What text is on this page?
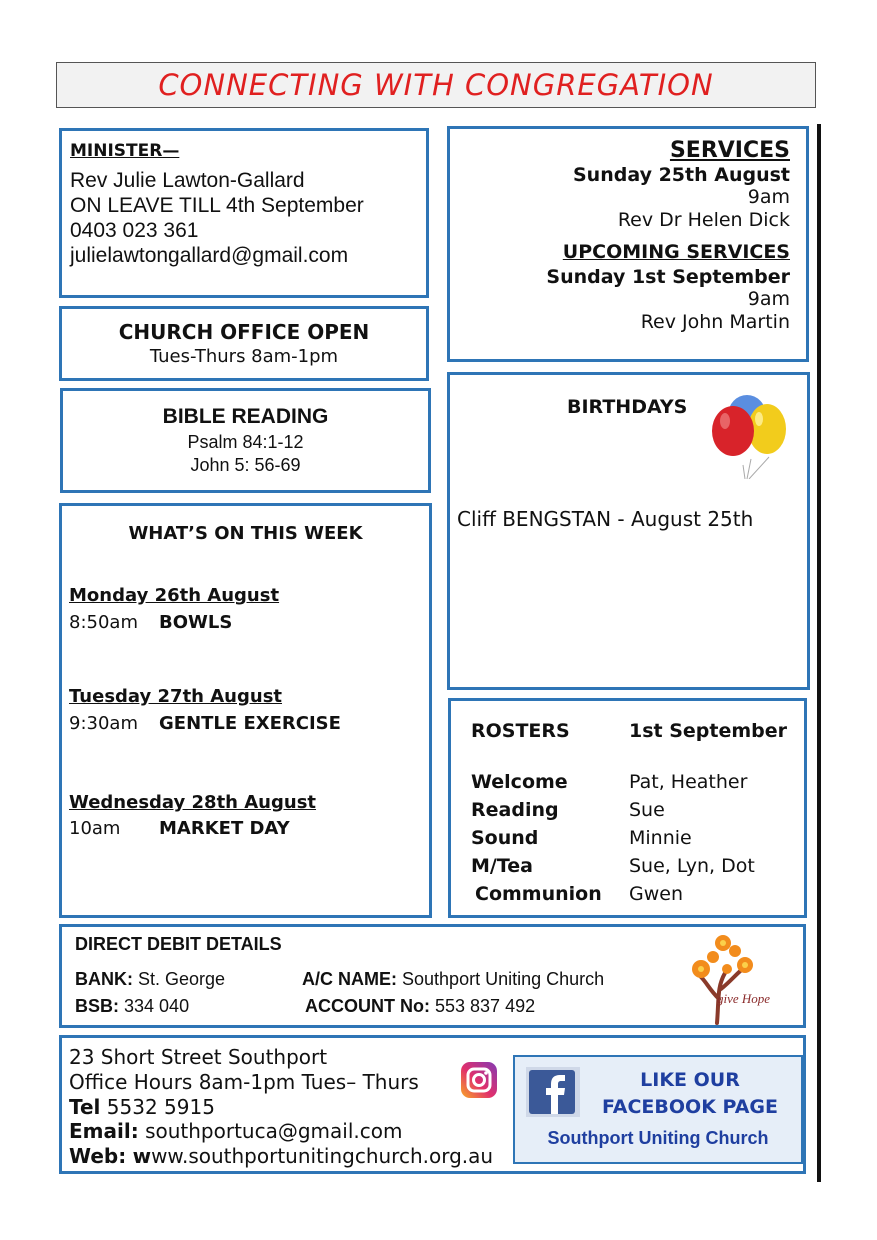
CONNECTING WITH CONGREGATION

MINISTER—

Rev Julie Lawton-Gallard

ON LEAVE TILL 4th September

0403 023 361

julielawtongallard@gmail.com

CHURCH OFFICE OPEN

Tues-Thurs 8am-1pm

BIBLE READING

Psalm 84:1-12

John 5: 56-69

WHAT’S ON THIS WEEK

Monday 26th August

8:50am BOWLS

Tuesday 27th August

9:30am GENTLE EXERCISE

Wednesday 28th August

10am MARKET DAY

SERVICES

Sunday 25th August

9am

Rev Dr Helen Dick

UPCOMING SERVICES

Sunday 1st September

9am

Rev John Martin

BIRTHDAYS

Cliff BENGSTAN - August 25th

ROSTERS	1st September

Welcome	Pat, Heather

Reading	Sue

Sound	Minnie

M/Tea	Sue, Lyn, Dot

Communion Gwen

DIRECT DEBIT DETAILS

BANK: St. George	A/C NAME: Southport Uniting Church

BSB: 334 040	ACCOUNT No: 553 837 492	give Hope

23 Short Street Southport

Office Hours 8am-1pm Tues– Thurs

Tel 5532 5915

Email: southportuca@gmail.com

Web: www.southportunitingchurch.org.au

LIKE OUR

FACEBOOK PAGE

Southport Uniting Church
